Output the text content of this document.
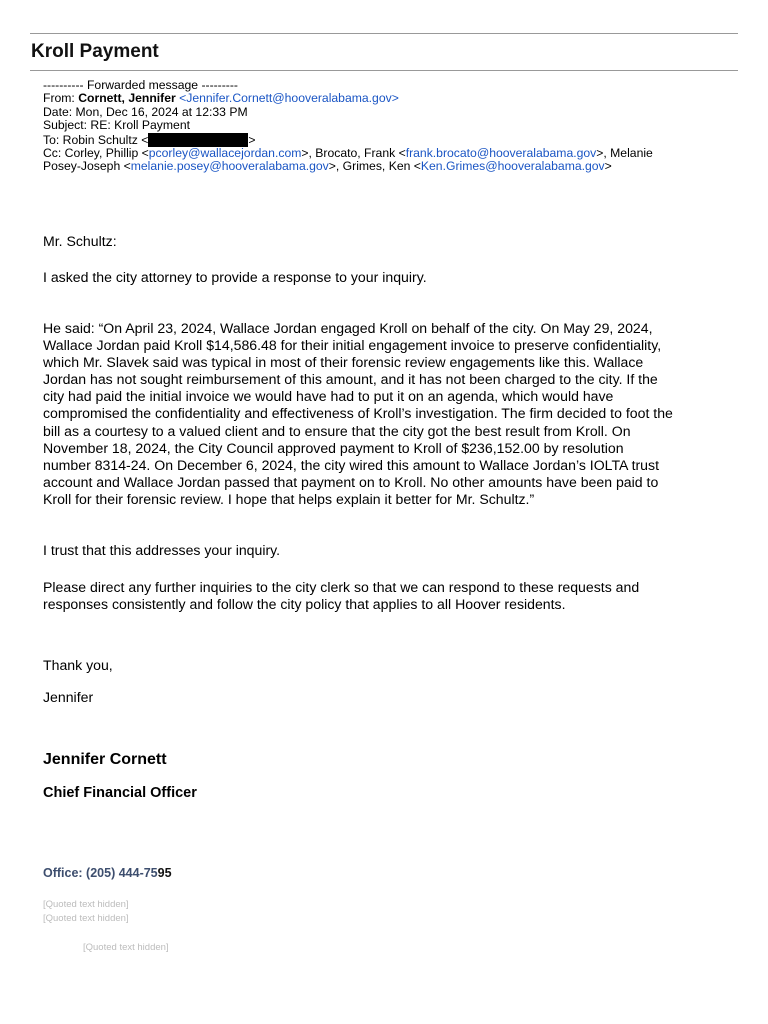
Kroll Payment
---------- Forwarded message ---------
From: Cornett, Jennifer <Jennifer.Cornett@hooveralabama.gov>
Date: Mon, Dec 16, 2024 at 12:33 PM
Subject: RE: Kroll Payment
To: Robin Schultz <	>
Cc: Corley, Phillip <pcorley@wallacejordan.com>, Brocato, Frank <frank.brocato@hooveralabama.gov>, Melanie
Posey-Joseph <melanie.posey@hooveralabama.gov>, Grimes, Ken <Ken.Grimes@hooveralabama.gov>
Mr. Schultz:
I asked the city attorney to provide a response to your inquiry.
He said: “On April 23, 2024, Wallace Jordan engaged Kroll on behalf of the city. On May 29, 2024,
Wallace Jordan paid Kroll $14,586.48 for their initial engagement invoice to preserve confidentiality,
which Mr. Slavek said was typical in most of their forensic review engagements like this. Wallace
Jordan has not sought reimbursement of this amount, and it has not been charged to the city. If the
city had paid the initial invoice we would have had to put it on an agenda, which would have
compromised the confidentiality and effectiveness of Kroll’s investigation. The firm decided to foot the
bill as a courtesy to a valued client and to ensure that the city got the best result from Kroll. On
November 18, 2024, the City Council approved payment to Kroll of $236,152.00 by resolution
number 8314-24. On December 6, 2024, the city wired this amount to Wallace Jordan’s IOLTA trust
account and Wallace Jordan passed that payment on to Kroll. No other amounts have been paid to
Kroll for their forensic review. I hope that helps explain it better for Mr. Schultz.”
I trust that this addresses your inquiry.
Please direct any further inquiries to the city clerk so that we can respond to these requests and
responses consistently and follow the city policy that applies to all Hoover residents.
Thank you,
Jennifer
Jennifer Cornett
Chief Financial Officer
Office: (205) 444-7595
[Quoted text hidden]
[Quoted text hidden]
[Quoted text hidden]
